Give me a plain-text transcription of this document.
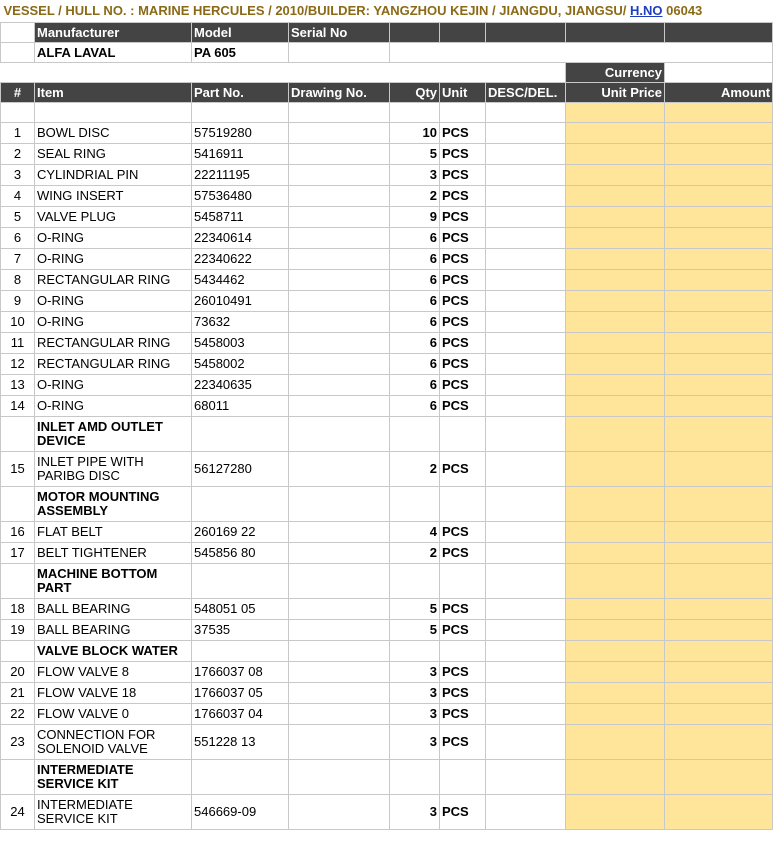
VESSEL / HULL NO. : MARINE HERCULES / 2010/BUILDER: YANGZHOU KEJIN / JIANGDU, JIANGSU/ H.NO 06043								
	Manufacturer	Model	Serial No					
	ALFA LAVAL	PA 605						
							Currency	
#	Item	Part No.	Drawing No.	Qty	Unit	DESC/DEL.	Unit Price	Amount

1	BOWL DISC	57519280		10	PCS			
2	SEAL RING	5416911		5	PCS			
3	CYLINDRIAL PIN	22211195		3	PCS			
4	WING INSERT	57536480		2	PCS			
5	VALVE PLUG	5458711		9	PCS			
6	O-RING	22340614		6	PCS			
7	O-RING	22340622		6	PCS			
8	RECTANGULAR RING	5434462		6	PCS			
9	O-RING	26010491		6	PCS			
10	O-RING	73632		6	PCS			
11	RECTANGULAR RING	5458003		6	PCS			
12	RECTANGULAR RING	5458002		6	PCS			
13	O-RING	22340635		6	PCS			
14	O-RING	68011		6	PCS			
	INLET AMD OUTLET DEVICE							
15	INLET PIPE WITH PARIBG DISC	56127280		2	PCS			
	MOTOR MOUNTING ASSEMBLY							
16	FLAT BELT	260169 22		4	PCS			
17	BELT TIGHTENER	545856 80		2	PCS			
	MACHINE BOTTOM PART							
18	BALL BEARING	548051 05		5	PCS			
19	BALL BEARING	37535		5	PCS			
	VALVE BLOCK WATER							
20	FLOW VALVE 8	1766037 08		3	PCS			
21	FLOW VALVE 18	1766037 05		3	PCS			
22	FLOW VALVE 0	1766037 04		3	PCS			
23	CONNECTION FOR SOLENOID VALVE	551228 13		3	PCS			
	INTERMEDIATE SERVICE KIT							
24	INTERMEDIATE SERVICE KIT	546669-09		3	PCS			
